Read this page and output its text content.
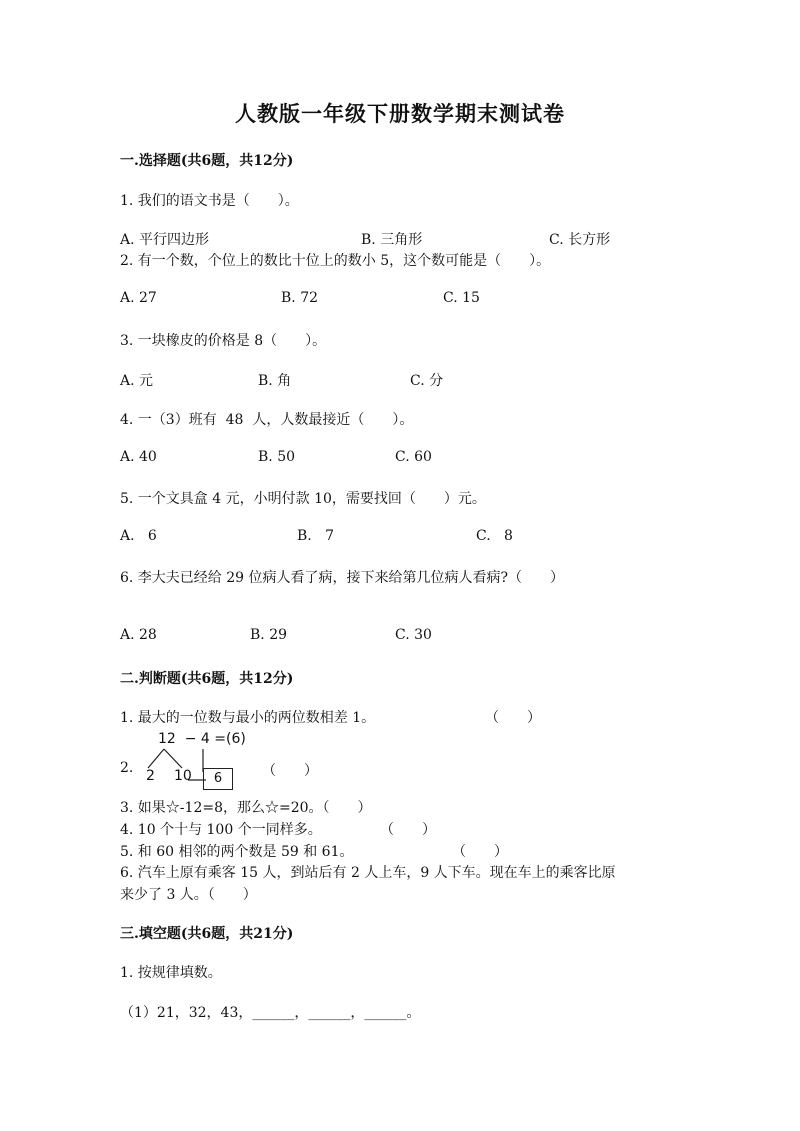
人教版一年级下册数学期末测试卷
一.选择题(共6题，共12分)
1. 我们的语文书是（　　）。
A. 平行四边形	B. 三角形	C. 长方形
2. 有一个数，个位上的数比十位上的数小 5，这个数可能是（　　）。
A. 27	B. 72	C. 15
3. 一块橡皮的价格是 8（　　）。
A. 元	B. 角	C. 分
4. 一（3）班有  48  人，人数最接近（　　）。
A. 40	B. 50	C. 60
5. 一个文具盒 4 元，小明付款 10，需要找回（　　）元。
A.   6	B.   7	C.   8
6. 李大夫已经给 29 位病人看了病，接下来给第几位病人看病?（　　）
A. 28	B. 29	C. 30
二.判断题(共6题，共12分)
1. 最大的一位数与最小的两位数相差 1。	（　　）
2.
12  − 4 =(6)
2 10	6	（　　）
3. 如果☆-12=8，那么☆=20。（　　）
4. 10 个十与 100 个一同样多。	（　　）
5. 和 60 相邻的两个数是 59 和 61。	（　　）
6. 汽车上原有乘客 15 人，到站后有 2 人上车，9 人下车。现在车上的乘客比原
来少了 3 人。（　　）
三.填空题(共6题，共21分)
1. 按规律填数。
（1）21，32，43，______，______，______。
